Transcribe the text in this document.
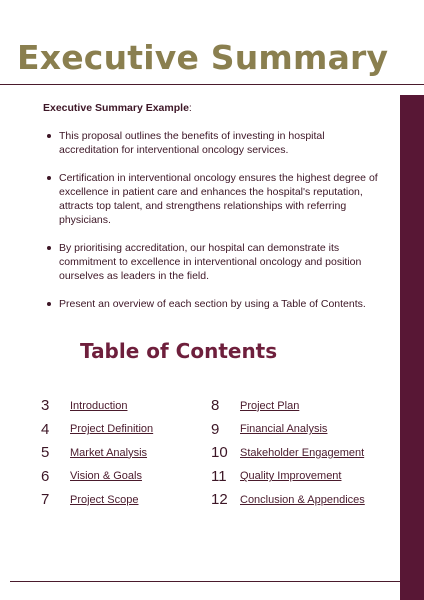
Executive Summary
Executive Summary Example:
This proposal outlines the benefits of investing in hospital accreditation for interventional oncology services.
Certification in interventional oncology ensures the highest degree of excellence in patient care and enhances the hospital's reputation, attracts top talent, and strengthens relationships with referring physicians.
By prioritising accreditation, our hospital can demonstrate its commitment to excellence in interventional oncology and position ourselves as leaders in the field.
Present an overview of each section by using a Table of Contents.
Table of Contents
3	Introduction
4	Project Definition
5	Market Analysis
6	Vision & Goals
7	Project Scope
8	Project Plan
9	Financial Analysis
10	Stakeholder Engagement
11	Quality Improvement
12	Conclusion & Appendices
